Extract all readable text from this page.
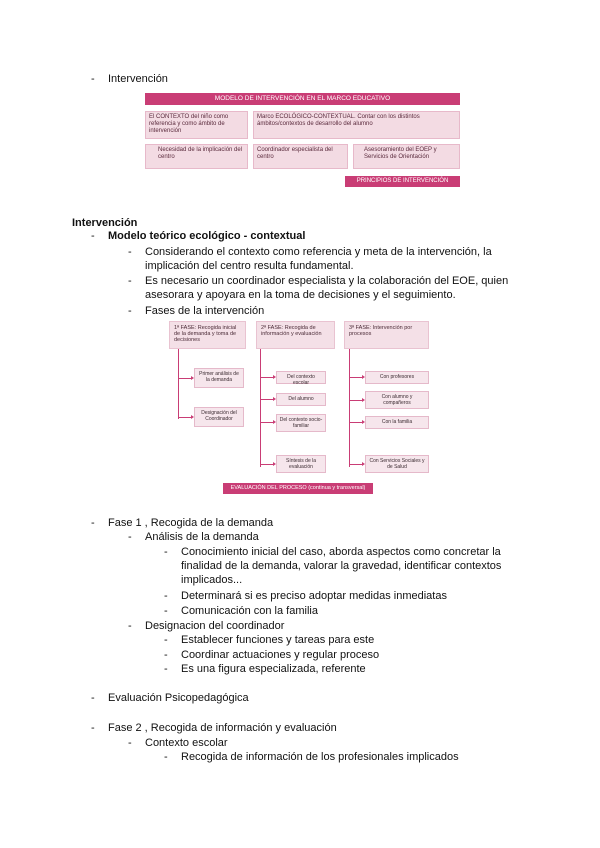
- Intervención
MODELO DE INTERVENCIÓN EN EL MARCO EDUCATIVO
El CONTEXTO del niño como referencia y como ámbito de intervención
Marco ECOLÓGICO-CONTEXTUAL. Contar con los distintos ámbitos/contextos de desarrollo del alumno
Necesidad de la implicación del centro
Coordinador especialista del centro
Asesoramiento del EOEP y Servicios de Orientación
PRINCIPIOS DE INTERVENCIÓN
Intervención
- Modelo teórico ecológico - contextual
- Considerando el contexto como referencia y meta de la intervención, la implicación del centro resulta fundamental.
- Es necesario un coordinador especialista y la colaboración del EOE, quien asesorara y apoyara en la toma de decisiones y el seguimiento.
- Fases de la intervención
1ª FASE: Recogida inicial de la demanda y toma de decisiones
2ª FASE: Recogida de información y evaluación
3ª FASE: Intervención por procesos
Primer análisis de la demanda
Designación del Coordinador
Del contexto escolar
Del alumno
Del contexto socio-familiar
Síntesis de la evaluación
Con profesores
Con alumno y compañeros
Con la familia
Con Servicios Sociales y de Salud
EVALUACIÓN DEL PROCESO (continua y transversal)
- Fase 1 , Recogida de la demanda
- Análisis de la demanda
- Conocimiento inicial del caso, aborda aspectos como concretar la finalidad de la demanda, valorar la gravedad, identificar contextos implicados...
- Determinará si es preciso adoptar medidas inmediatas
- Comunicación con la familia
- Designacion del coordinador
- Establecer funciones y tareas para este
- Coordinar actuaciones y regular proceso
- Es una figura especializada, referente
- Evaluación Psicopedagógica
- Fase 2 , Recogida de información y evaluación
- Contexto escolar
- Recogida de información de los profesionales implicados
